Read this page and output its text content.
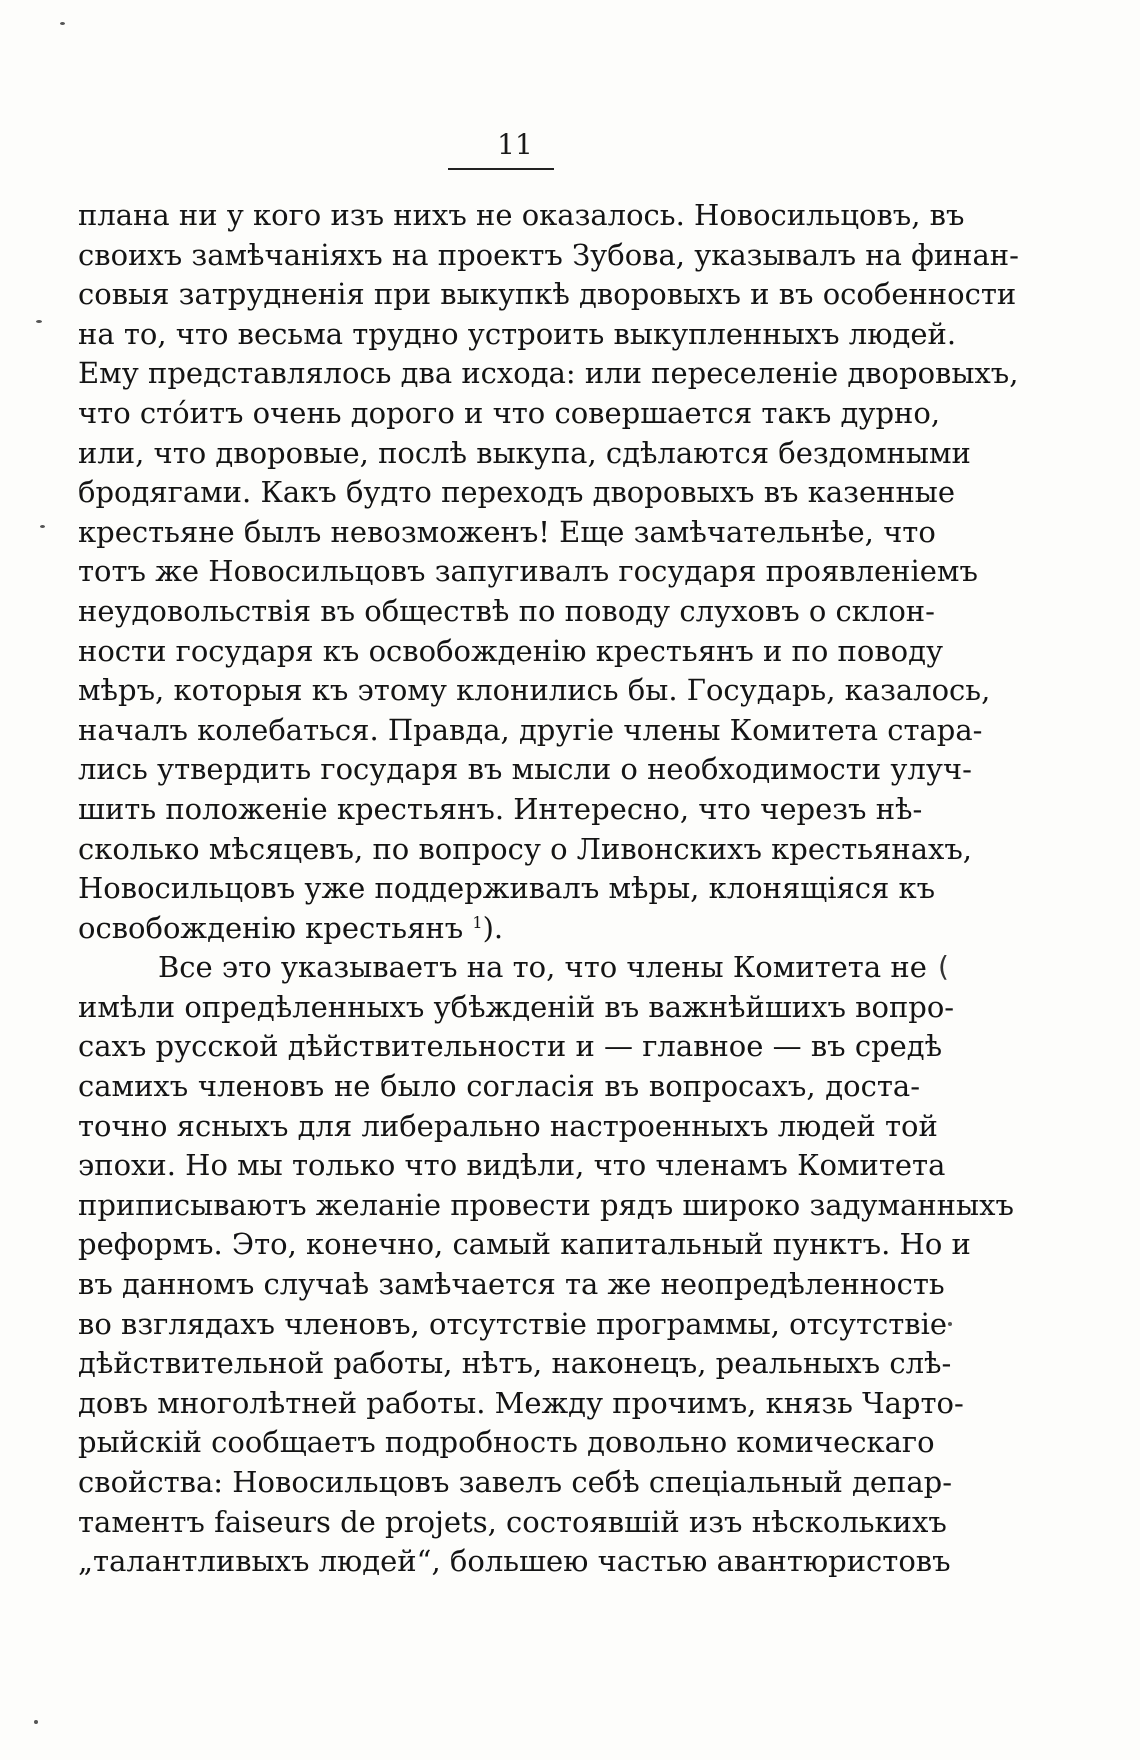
11
плана ни у кого изъ нихъ не оказалось. Новосильцовъ, въ
своихъ замѣчаніяхъ на проектъ Зубова, указывалъ на финан-
совыя затрудненія при выкупкѣ дворовыхъ и въ особенности
на то, что весьма трудно устроить выкупленныхъ людей.
Ему представлялось два исхода: или переселеніе дворовыхъ,
что стóитъ очень дорого и что совершается такъ дурно,
или, что дворовые, послѣ выкупа, сдѣлаются бездомными
бродягами. Какъ будто переходъ дворовыхъ въ казенные
крестьяне былъ невозможенъ! Еще замѣчательнѣе, что
тотъ же Новосильцовъ запугивалъ государя проявленіемъ
неудовольствія въ обществѣ по поводу слуховъ о склон-
ности государя къ освобожденію крестьянъ и по поводу
мѣръ, которыя къ этому клонились бы. Государь, казалось,
началъ колебаться. Правда, другіе члены Комитета стара-
лись утвердить государя въ мысли о необходимости улуч-
шить положеніе крестьянъ. Интересно, что черезъ нѣ-
сколько мѣсяцевъ, по вопросу о Ливонскихъ крестьянахъ,
Новосильцовъ уже поддерживалъ мѣры, клонящіяся къ
освобожденію крестьянъ $^1$).
Все это указываетъ на то, что члены Комитета не
имѣли опредѣленныхъ убѣжденій въ важнѣйшихъ вопро-
сахъ русской дѣйствительности и — главное — въ средѣ
самихъ членовъ не было согласія въ вопросахъ, доста-
точно ясныхъ для либерально настроенныхъ людей той
эпохи. Но мы только что видѣли, что членамъ Комитета
приписываютъ желаніе провести рядъ широко задуманныхъ
реформъ. Это, конечно, самый капитальный пунктъ. Но и
въ данномъ случаѣ замѣчается та же неопредѣленность
во взглядахъ членовъ, отсутствіе программы, отсутствіе
дѣйствительной работы, нѣтъ, наконецъ, реальныхъ слѣ-
довъ многолѣтней работы. Между прочимъ, князь Чарто-
рыйскій сообщаетъ подробность довольно комическаго
свойства: Новосильцовъ завелъ себѣ спеціальный депар-
таментъ faiseurs de projets, состоявшій изъ нѣсколькихъ
„талантливыхъ людей“, большею частью авантюристовъ
(
